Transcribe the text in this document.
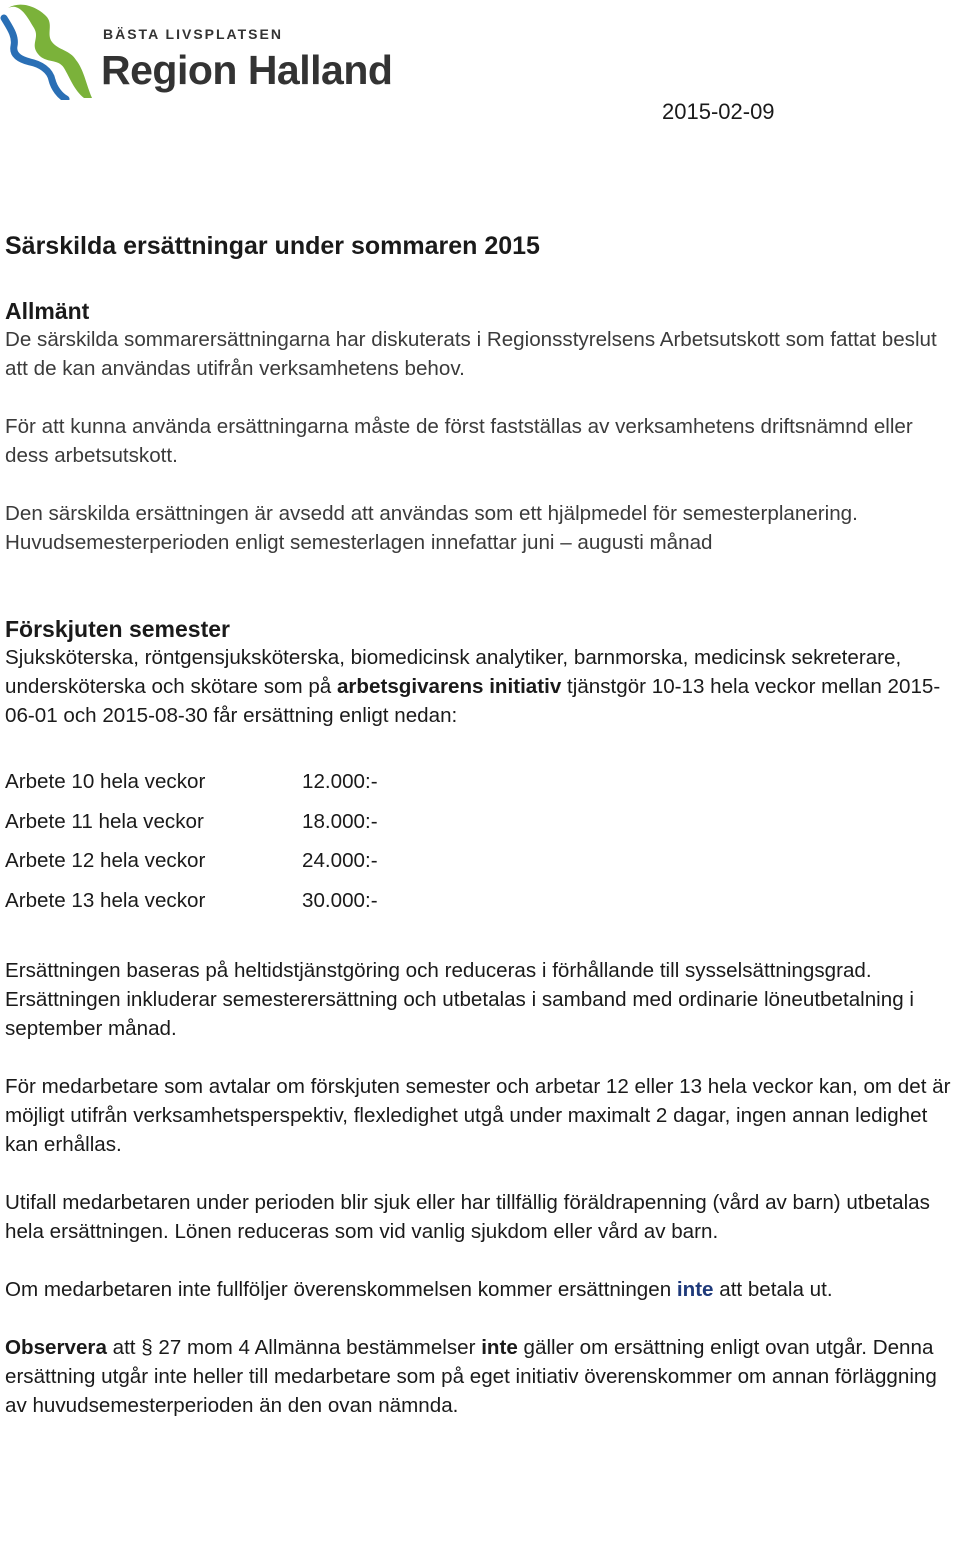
BÄSTA LIVSPLATSEN
Region Halland
2015-02-09
Särskilda ersättningar under sommaren 2015
Allmänt

De särskilda sommarersättningarna har diskuterats i Regionsstyrelsens Arbetsutskott som fattat beslut att de kan användas utifrån verksamhetens behov.

För att kunna använda ersättningarna måste de först fastställas av verksamhetens driftsnämnd eller dess arbetsutskott.

Den särskilda ersättningen är avsedd att användas som ett hjälpmedel för semesterplanering. Huvudsemesterperioden enligt semesterlagen innefattar juni – augusti månad

Förskjuten semester

Sjuksköterska, röntgensjuksköterska, biomedicinsk analytiker, barnmorska, medicinsk sekreterare, undersköterska och skötare som på arbetsgivarens initiativ tjänstgör 10-13 hela veckor mellan 2015-06-01 och 2015-08-30 får ersättning enligt nedan:

Arbete 10 hela veckor	12.000:-
Arbete 11 hela veckor	18.000:-
Arbete 12 hela veckor	24.000:-
Arbete 13 hela veckor	30.000:-

Ersättningen baseras på heltidstjänstgöring och reduceras i förhållande till sysselsättningsgrad. Ersättningen inkluderar semesterersättning och utbetalas i samband med ordinarie löneutbetalning i september månad.

För medarbetare som avtalar om förskjuten semester och arbetar 12 eller 13 hela veckor kan, om det är möjligt utifrån verksamhetsperspektiv, flexledighet utgå under maximalt 2 dagar, ingen annan ledighet kan erhållas.

Utifall medarbetaren under perioden blir sjuk eller har tillfällig föräldrapenning (vård av barn) utbetalas hela ersättningen. Lönen reduceras som vid vanlig sjukdom eller vård av barn.

Om medarbetaren inte fullföljer överenskommelsen kommer ersättningen inte att betala ut.

Observera att § 27 mom 4 Allmänna bestämmelser inte gäller om ersättning enligt ovan utgår. Denna ersättning utgår inte heller till medarbetare som på eget initiativ överenskommer om annan förläggning av huvudsemesterperioden än den ovan nämnda.
